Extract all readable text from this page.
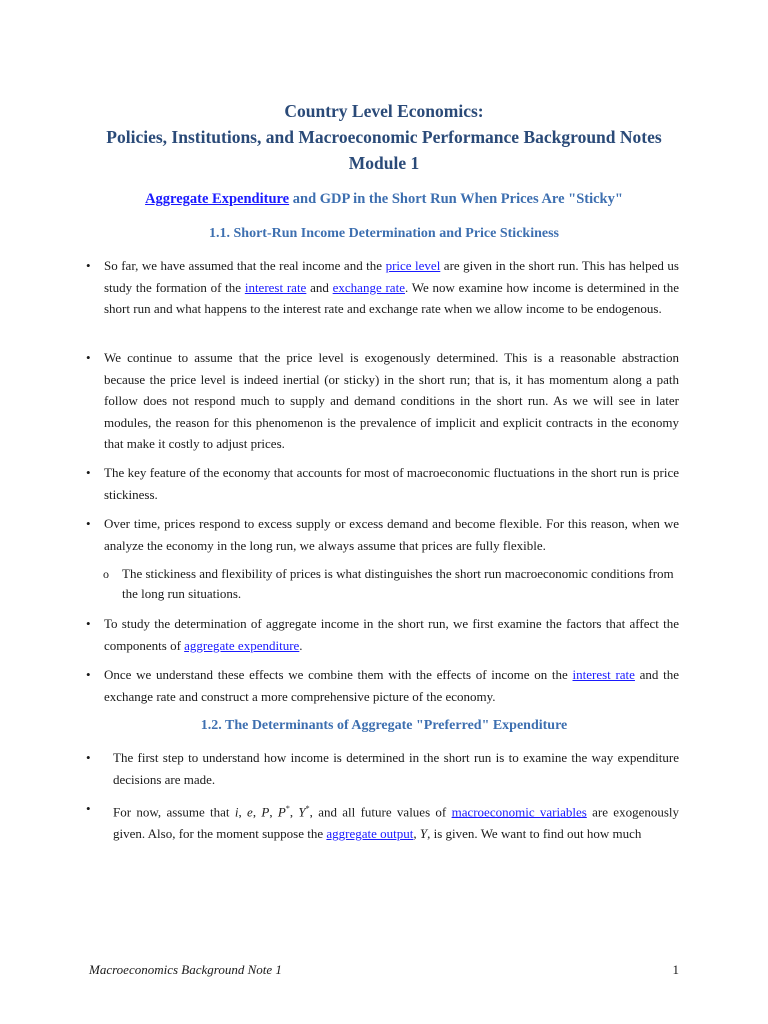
Country Level Economics:
Policies, Institutions, and Macroeconomic Performance Background Notes
Module 1
Aggregate Expenditure and GDP in the Short Run When Prices Are "Sticky"
1.1. Short-Run Income Determination and Price Stickiness
• So far, we have assumed that the real income and the price level are given in the short run. This has helped us study the formation of the interest rate and exchange rate. We now examine how income is determined in the short run and what happens to the interest rate and exchange rate when we allow income to be endogenous.
• We continue to assume that the price level is exogenously determined. This is a reasonable abstraction because the price level is indeed inertial (or sticky) in the short run; that is, it has momentum along a path follow does not respond much to supply and demand conditions in the short run. As we will see in later modules, the reason for this phenomenon is the prevalence of implicit and explicit contracts in the economy that make it costly to adjust prices.
• The key feature of the economy that accounts for most of macroeconomic fluctuations in the short run is price stickiness.
• Over time, prices respond to excess supply or excess demand and become flexible. For this reason, when we analyze the economy in the long run, we always assume that prices are fully flexible.
o The stickiness and flexibility of prices is what distinguishes the short run macroeconomic conditions from the long run situations.
• To study the determination of aggregate income in the short run, we first examine the factors that affect the components of aggregate expenditure.
• Once we understand these effects we combine them with the effects of income on the interest rate and the exchange rate and construct a more comprehensive picture of the economy.
1.2. The Determinants of Aggregate "Preferred" Expenditure
• The first step to understand how income is determined in the short run is to examine the way expenditure decisions are made.
• For now, assume that i, e, P, P*, Y*, and all future values of macroeconomic variables are exogenously given. Also, for the moment suppose the aggregate output, Y, is given. We want to find out how much
Macroeconomics Background Note 1	1
